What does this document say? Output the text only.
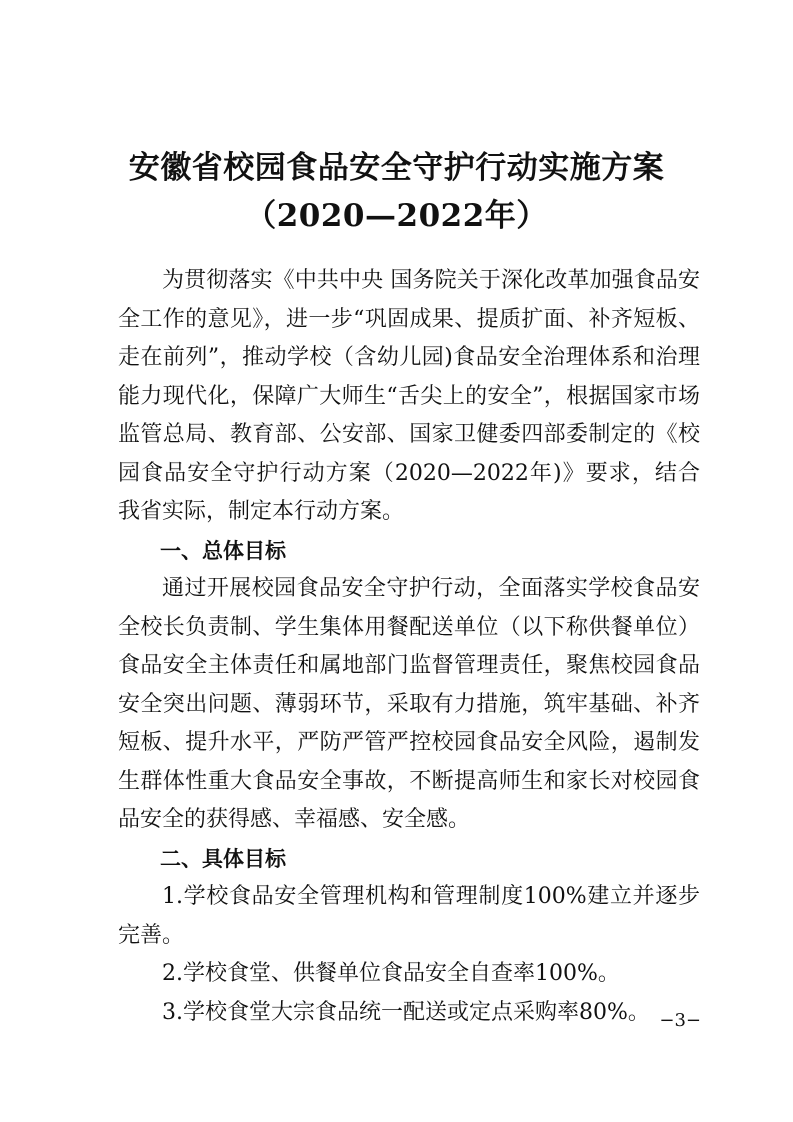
安徽省校园食品安全守护行动实施方案
（2020—2022年）

为贯彻落实《中共中央 国务院关于深化改革加强食品安全工作的意见》，进一步“巩固成果、提质扩面、补齐短板、走在前列”，推动学校（含幼儿园)食品安全治理体系和治理能力现代化，保障广大师生“舌尖上的安全”，根据国家市场监管总局、教育部、公安部、国家卫健委四部委制定的《校园食品安全守护行动方案（2020—2022年)》要求，结合我省实际，制定本行动方案。

一、总体目标

通过开展校园食品安全守护行动，全面落实学校食品安全校长负责制、学生集体用餐配送单位（以下称供餐单位）食品安全主体责任和属地部门监督管理责任，聚焦校园食品安全突出问题、薄弱环节，采取有力措施，筑牢基础、补齐短板、提升水平，严防严管严控校园食品安全风险，遏制发生群体性重大食品安全事故，不断提高师生和家长对校园食品安全的获得感、幸福感、安全感。

二、具体目标

1.学校食品安全管理机构和管理制度100%建立并逐步完善。

2.学校食堂、供餐单位食品安全自查率100%。

3.学校食堂大宗食品统一配送或定点采购率80%。 −3−
